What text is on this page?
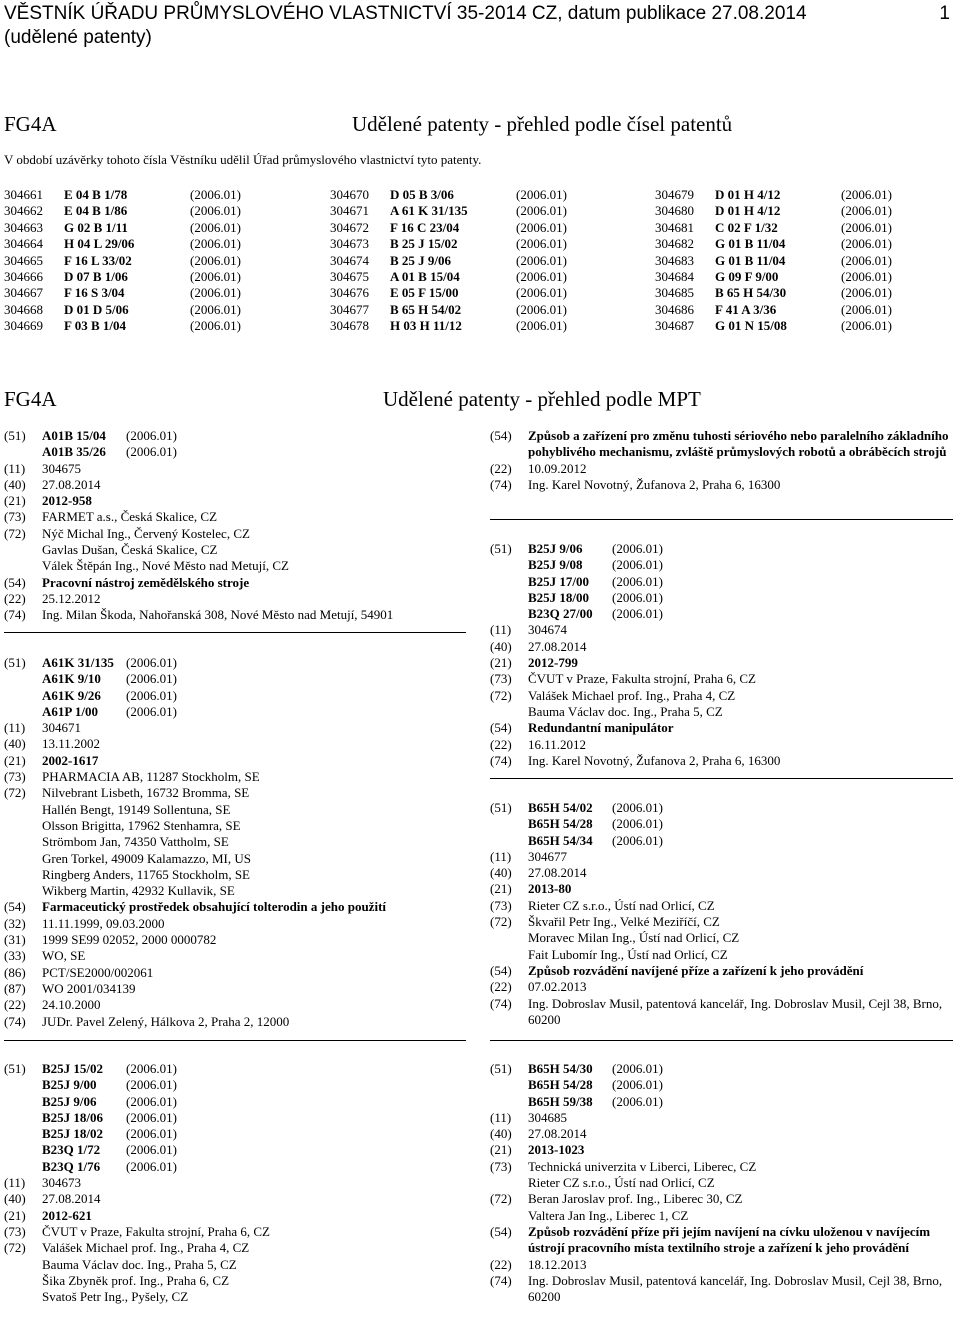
VĚSTNÍK ÚŘADU PRŮMYSLOVÉHO VLASTNICTVÍ 35-2014 CZ, datum publikace 27.08.2014
(udělené patenty)
1
FG4A	Udělené patenty - přehled podle čísel patentů
V období uzávěrky tohoto čísla Věstníku udělil Úřad průmyslového vlastnictví tyto patenty.
304661 E 04 B 1/78	(2006.01)
304662 E 04 B 1/86	(2006.01)
304663 G 02 B 1/11	(2006.01)
304664 H 04 L 29/06	(2006.01)
304665 F 16 L 33/02	(2006.01)
304666 D 07 B 1/06	(2006.01)
304667 F 16 S 3/04	(2006.01)
304668 D 01 D 5/06	(2006.01)
304669 F 03 B 1/04	(2006.01)
304670 D 05 B 3/06	(2006.01)
304671 A 61 K 31/135	(2006.01)
304672 F 16 C 23/04	(2006.01)
304673 B 25 J 15/02	(2006.01)
304674 B 25 J 9/06	(2006.01)
304675 A 01 B 15/04	(2006.01)
304676 E 05 F 15/00	(2006.01)
304677 B 65 H 54/02	(2006.01)
304678 H 03 H 11/12	(2006.01)
304679 D 01 H 4/12	(2006.01)
304680 D 01 H 4/12	(2006.01)
304681 C 02 F 1/32	(2006.01)
304682 G 01 B 11/04	(2006.01)
304683 G 01 B 11/04	(2006.01)
304684 G 09 F 9/00	(2006.01)
304685 B 65 H 54/30	(2006.01)
304686 F 41 A 3/36	(2006.01)
304687 G 01 N 15/08	(2006.01)
FG4A	Udělené patenty - přehled podle MPT
(51) A01B 15/04 (2006.01)
A01B 35/26 (2006.01)
(11) 304675
(40) 27.08.2014
(21) 2012-958
(73) FARMET a.s., Česká Skalice, CZ
(72) Nýč Michal Ing., Červený Kostelec, CZ
Gavlas Dušan, Česká Skalice, CZ
Válek Štěpán Ing., Nové Město nad Metují, CZ
(54) Pracovní nástroj zemědělského stroje
(22) 25.12.2012
(74) Ing. Milan Škoda, Nahořanská 308, Nové Město nad Metují, 54901
(51) A61K 31/135 (2006.01)
A61K 9/10 (2006.01)
A61K 9/26 (2006.01)
A61P 1/00 (2006.01)
(11) 304671
(40) 13.11.2002
(21) 2002-1617
(73) PHARMACIA AB, 11287 Stockholm, SE
(72) Nilvebrant Lisbeth, 16732 Bromma, SE
Hallén Bengt, 19149 Sollentuna, SE
Olsson Brigitta, 17962 Stenhamra, SE
Strömbom Jan, 74350 Vattholm, SE
Gren Torkel, 49009 Kalamazzo, MI, US
Ringberg Anders, 11765 Stockholm, SE
Wikberg Martin, 42932 Kullavik, SE
(54) Farmaceutický prostředek obsahující tolterodin a jeho použití
(32) 11.11.1999, 09.03.2000
(31) 1999 SE99 02052, 2000 0000782
(33) WO, SE
(86) PCT/SE2000/002061
(87) WO 2001/034139
(22) 24.10.2000
(74) JUDr. Pavel Zelený, Hálkova 2, Praha 2, 12000
(51) B25J 15/02 (2006.01)
B25J 9/00 (2006.01)
B25J 9/06 (2006.01)
B25J 18/06 (2006.01)
B25J 18/02 (2006.01)
B23Q 1/72 (2006.01)
B23Q 1/76 (2006.01)
(11) 304673
(40) 27.08.2014
(21) 2012-621
(73) ČVUT v Praze, Fakulta strojní, Praha 6, CZ
(72) Valášek Michael prof. Ing., Praha 4, CZ
Bauma Václav doc. Ing., Praha 5, CZ
Šika Zbyněk prof. Ing., Praha 6, CZ
Svatoš Petr Ing., Pyšely, CZ
(54) Způsob a zařízení pro změnu tuhosti sériového nebo paralelního základního pohyblivého mechanismu, zvláště průmyslových robotů a obráběcích strojů
(22) 10.09.2012
(74) Ing. Karel Novotný, Žufanova 2, Praha 6, 16300
(51) B25J 9/06 (2006.01)
B25J 9/08 (2006.01)
B25J 17/00 (2006.01)
B25J 18/00 (2006.01)
B23Q 27/00 (2006.01)
(11) 304674
(40) 27.08.2014
(21) 2012-799
(73) ČVUT v Praze, Fakulta strojní, Praha 6, CZ
(72) Valášek Michael prof. Ing., Praha 4, CZ
Bauma Václav doc. Ing., Praha 5, CZ
(54) Redundantní manipulátor
(22) 16.11.2012
(74) Ing. Karel Novotný, Žufanova 2, Praha 6, 16300
(51) B65H 54/02 (2006.01)
B65H 54/28 (2006.01)
B65H 54/34 (2006.01)
(11) 304677
(40) 27.08.2014
(21) 2013-80
(73) Rieter CZ s.r.o., Ústí nad Orlicí, CZ
(72) Škvařil Petr Ing., Velké Meziříčí, CZ
Moravec Milan Ing., Ústí nad Orlicí, CZ
Fait Lubomír Ing., Ústí nad Orlicí, CZ
(54) Způsob rozvádění navíjené příze a zařízení k jeho provádění
(22) 07.02.2013
(74) Ing. Dobroslav Musil, patentová kancelář, Ing. Dobroslav Musil, Cejl 38, Brno, 60200
(51) B65H 54/30 (2006.01)
B65H 54/28 (2006.01)
B65H 59/38 (2006.01)
(11) 304685
(40) 27.08.2014
(21) 2013-1023
(73) Technická univerzita v Liberci, Liberec, CZ
Rieter CZ s.r.o., Ústí nad Orlicí, CZ
(72) Beran Jaroslav prof. Ing., Liberec 30, CZ
Valtera Jan Ing., Liberec 1, CZ
(54) Způsob rozvádění příze při jejím navíjení na cívku uloženou v navíjecím ústrojí pracovního místa textilního stroje a zařízení k jeho provádění
(22) 18.12.2013
(74) Ing. Dobroslav Musil, patentová kancelář, Ing. Dobroslav Musil, Cejl 38, Brno, 60200
